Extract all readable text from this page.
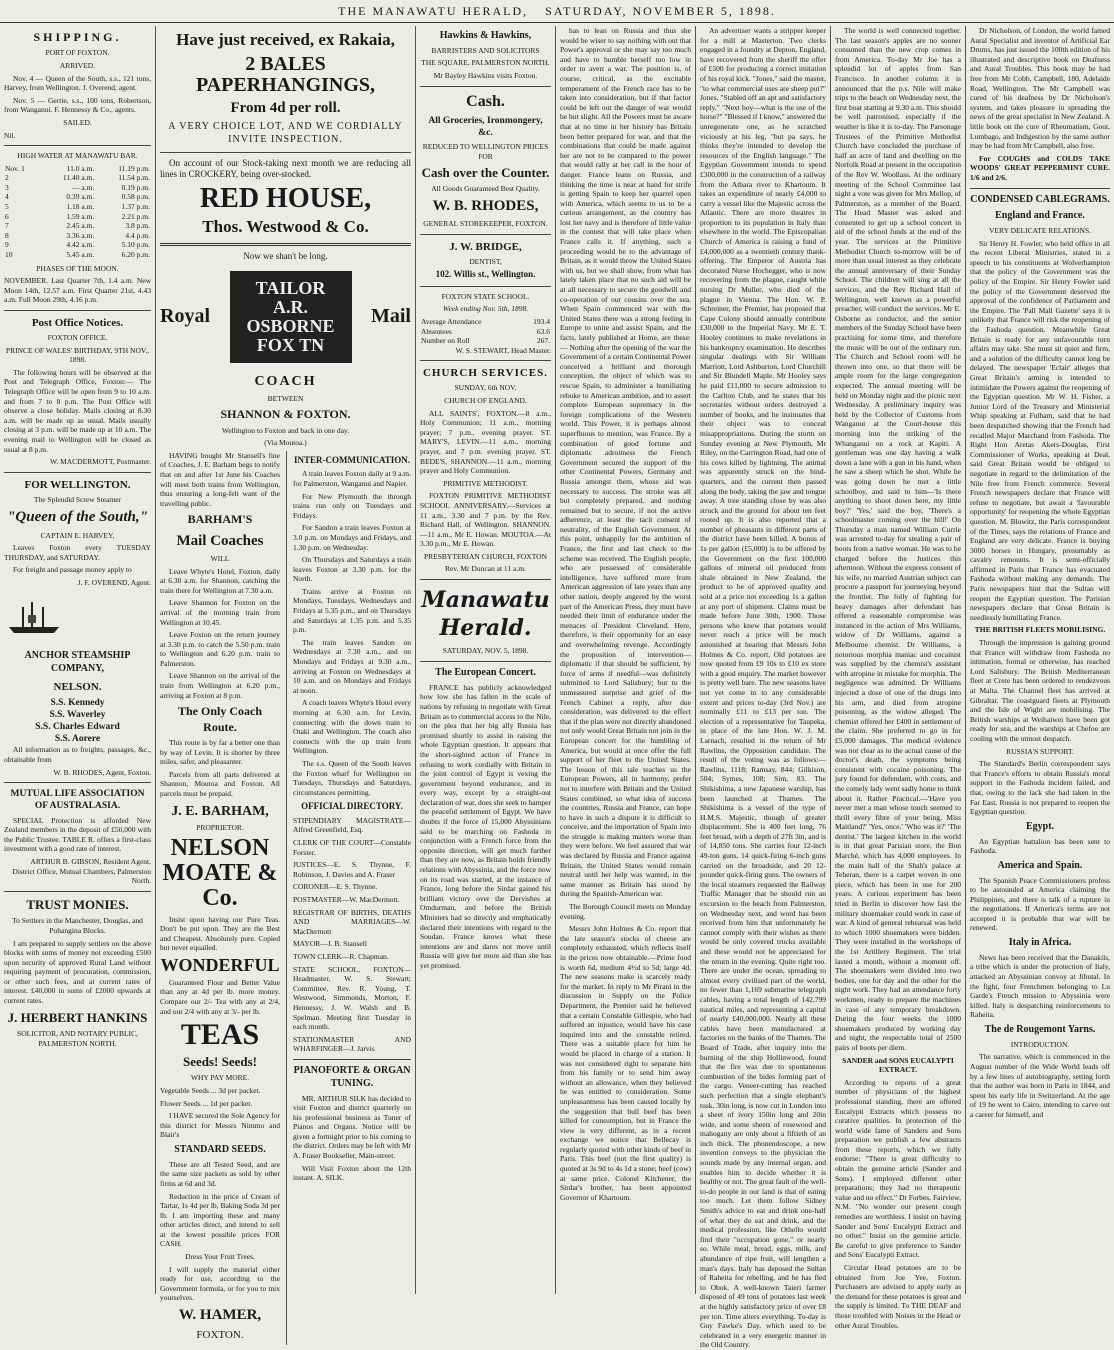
THE MANAWATU HERALD, SATURDAY, NOVEMBER 5, 1898.
SHIPPING.

PORT OF FOXTON.

ARRIVED.

Nov. 4 — Queen of the South, s.s., 121 tons, Harvey, from Wellington. J. Overend, agent.

Nov. 5 — Gertie, s.s., 100 tons, Robertson, from Wanganui. F. Hennessy & Co., agents.

SAILED.

Nil.

HIGH WATER AT MANAWATU BAR.

Nov. 1	11.0 a.m.	11.19 p.m.
2	11.40 a.m.	11.54 p.m.
3	— a.m.	0.19 p.m.
4	0.39 a.m.	0.58 p.m.
5	1.18 a.m.	1.37 p.m.
6	1.59 a.m.	2.21 p.m.
7	2.45 a.m.	3.8 p.m.
8	3.36 a.m.	4.4 p.m.
9	4.42 a.m.	5.10 p.m.
10	5.45 a.m.	6.20 p.m.

PHASES OF THE MOON.

NOVEMBER. Last Quarter 7th, 1.4 a.m. New Moon 14th, 12.57 a.m. First Quarter 21st, 4.43 a.m. Full Moon 29th, 4.16 p.m.

Post Office Notices.

FOXTON OFFICE.

PRINCE OF WALES' BIRTHDAY, 9TH NOV., 1898.

The following hours will be observed at the Post and Telegraph Office, Foxton:— The Telegraph Office will be open from 9 to 10 a.m. and from 7 to 8 p.m. The Post Office will observe a close holiday. Mails closing at 8.30 a.m. will be made up as usual. Mails usually closing at 3 p.m. will be made up at 10 a.m. The evening mail to Wellington will be closed as usual at 8 p.m.

W. MACDERMOTT, Postmaster.

FOR WELLINGTON.

The Splendid Screw Steamer

"Queen of the South,"

CAPTAIN E. HARVEY,

Leaves Foxton every TUESDAY THURSDAY, and SATURDAY.

For freight and passage money apply to

J. F. OVEREND, Agent.

ANCHOR STEAMSHIP COMPANY,
NELSON.
S.S. Kennedy
S.S. Waverley
S.S. Charles Edward
S.S. Aorere

All information as to freights, passages, &c., obtainable from

W. B. RHODES, Agent, Foxton.

MUTUAL LIFE ASSOCIATION OF AUSTRALASIA.

SPECIAL Protection is afforded New Zealand members in the deposit of £50,000 with the Public Trustee. TABLE R. offers a first-class investment with a good rate of interest.

ARTHUR B. GIBSON, Resident Agent. District Office, Mutual Chambers, Palmerston North.

TRUST MONIES.

To Settlers in the Manchester, Douglas, and Pohangina Blocks.

I am prepared to supply settlers on the above blocks with sums of money not exceeding £500 upon security of approved Rural Land without requiring payment of procuration, commission, or other such fees, and at current rates of interest. £40,000 in sums of £2000 upwards at current rates.

J. HERBERT HANKINS

SOLICITOR, AND NOTARY PUBLIC, PALMERSTON NORTH.

Have just received, ex Rakaia,
2 BALES PAPERHANGINGS,
From 4d per roll.

A VERY CHOICE LOT, AND WE CORDIALLY INVITE INSPECTION.

On account of our Stock-taking next month we are reducing all lines in CROCKERY, being over-stocked.

RED HOUSE,
Thos. Westwood & Co.

Now we shan't be long.

Royal
TAILOR
A.R. OSBORNE
FOX TN
Mail
COACH

BETWEEN

SHANNON & FOXTON.

Wellington to Foxton and back in one day.

(Via Moutoa.)

HAVING bought Mr Stansell's line of Coaches, J. E. Barham begs to notify that on and after 1st June his Coaches will meet both trains from Wellington, thus ensuring a long-felt want of the travelling public.

BARHAM'S
Mail Coaches

WILL

Leave Whyte's Hotel, Foxton, daily at 6.30 a.m. for Shannon, catching the train there for Wellington at 7.30 a.m.

Leave Shannon for Foxton on the arrival of the morning train from Wellington at 10.45.

Leave Foxton on the return journey at 3.30 p.m. to catch the 5.50 p.m. train to Wellington and 6.20 p.m. train to Palmerston.

Leave Shannon on the arrival of the train from Wellington at 6.20 p.m., arriving at Foxton at 8 p.m.

The Only Coach Route.

This route is by far a better one than by way of Levin. It is shorter by three miles, safer, and pleasanter.

Parcels from all parts delivered at Shannon, Moutoa and Foxton. All parcels must be prepaid.

J. E. BARHAM,

PROPRIETOR.

NELSON MOATE & Co.

Insist upon having our Pure Teas. Don't be put upon. They are the Best and Cheapest. Absolutely pure. Copied but never equalled.

WONDERFUL

Guaranteed Flour and Better Value than any at 4d per lb. more money. Compare our 2/- Tea with any at 2/4, and our 2/4 with any at 3/- per lb.

TEAS
Seeds! Seeds!

WHY PAY MORE.

Vegetable Seeds ... 3d per packet.

Flower Seeds ... 1d per packet.

I HAVE secured the Sole Agency for this district for Messrs Nimmo and Blair's

STANDARD SEEDS.

These are all Tested Seed, and are the same size packets as sold by other firms at 6d and 3d.

Reduction in the price of Cream of Tartar, 1s 4d per lb, Baking Soda 3d per lb. I am importing these and many other articles direct, and intend to sell at the lowest possible prices FOR CASH.

Dress Your Fruit Trees.

I will supply the material either ready for use, according to the Government formula, or for you to mix yourselves.

W. HAMER,

FOXTON.

INTER-COMMUNICATION.

A train leaves Foxton daily at 9 a.m. for Palmerston, Wanganui and Napier.

For New Plymouth the through trains run only on Tuesdays and Fridays.

For Sandon a train leaves Foxton at 3.0 p.m. on Mondays and Fridays, and 1.30 p.m. on Wednesday.

On Thursdays and Saturdays a train leaves Foxton at 3.30 p.m. for the North.

Trains arrive at Foxton on Mondays, Tuesdays, Wednesdays and Fridays at 5.35 p.m., and on Thursdays and Saturdays at 1.35 p.m. and 5.35 p.m.

The train leaves Sandon on Wednesdays at 7.30 a.m., and on Mondays and Fridays at 9.30 a.m., arriving at Foxton on Wednesdays at 10 a.m. and on Mondays and Fridays at noon.

A coach leaves Whyte's Hotel every morning at 6.30 a.m. for Levin, connecting with the down train to Otaki and Wellington. The coach also connects with the up train from Wellington.

The s.s. Queen of the South leaves the Foxton wharf for Wellington on Tuesdays, Thursdays and Saturdays, circumstances permitting.

OFFICIAL DIRECTORY.

STIPENDIARY MAGISTRATE—Alfred Greenfield, Esq.

CLERK OF THE COURT—Constable Forster.

JUSTICES—E. S. Thynne, F. Robinson, J. Davies and A. Fraser

CORONER—E. S. Thynne.

POSTMASTER—W. MacDermott.

REGISTRAR OF BIRTHS, DEATHS AND MARRIAGES—W. MacDermott

MAYOR—J. B. Stansell

TOWN CLERK—R. Chapman.

STATE SCHOOL, FOXTON—Headmaster, W. S. Stewart; Committee, Rev. R. Young, T. Westwood, Simmonds, Morton, F. Hennessy, J. W. Walsh and B. Spelman. Meeting first Tuesday in each month.

STATIONMASTER AND WHARFINGER—J. Jarvis

PIANOFORTE & ORGAN TUNING.

MR. ARTHUR SILK has decided to visit Foxton and district quarterly on his professional business as Tuner of Pianos and Organs. Notice will be given a fortnight prior to his coming to the district. Orders may be left with Mr A. Fraser Bookseller, Main-street.

Will Visit Foxton about the 12th instant. A. SILK.

Hawkins & Hawkins,

BARRISTERS AND SOLICITORS

THE SQUARE, PALMERSTON NORTH.

Mr Bayley Hawkins visits Foxton.

Cash.

All Groceries, Ironmongery, &c.

REDUCED TO WELLINGTON PRICES FOR

Cash over the Counter.

All Goods Guaranteed Best Quality.

W. B. RHODES,

GENERAL STOREKEEPER, FOXTON.

J. W. BRIDGE,

DENTIST,

102. Willis st., Wellington.

FOXTON STATE SCHOOL.

Week ending Nov. 5th, 1898.

Average Attendance	193.4
Absentees	63.6
Number on Roll	267.

W. S. STEWART, Head Master.

CHURCH SERVICES.

SUNDAY, 6th NOV.

CHURCH OF ENGLAND.

ALL SAINTS', FOXTON.—8 a.m., Holy Communion; 11 a.m., morning prayer; 7 p.m., evening prayer. ST. MARY'S, LEVIN.—11 a.m., morning prayer, and 7 p.m. evening prayer. ST. BEDE'S, SHANNON.—11 a.m., morning prayer and Holy Communion.

PRIMITIVE METHODIST.

FOXTON PRIMITIVE METHODIST SCHOOL ANNIVERSARY.—Services at 11 a.m., 3.30 and 7 p.m. by the Rev. Richard Hall, of Wellington. SHANNON.—11 a.m., Mr E. Howan. MOUTOA.—At 3.30 p.m., Mr E. Howan.

PRESBYTERIAN CHURCH, FOXTON

Rev. Mr Duncan at 11 a.m.

Manawatu Herald.

SATURDAY, NOV. 5, 1898.

The European Concert.

FRANCE has publicly acknowledged how low she has fallen in the scale of nations by refusing to negotiate with Great Britain as to commercial access to the Nile, on the plea that her big ally Russia has promised shortly to assist in raising the whole Egyptian question. It appears that the short-sighted action of France in refusing to work cordially with Britain in the joint control of Egypt is vexing the government beyond endurance, and in every way, except by a straight-out declaration of war, does she seek to hamper the peaceful settlement of Egypt. We have doubts if the force of 15,000 Abyssinians said to be marching on Fashoda in conjunction with a French force from the opposite direction, will get much further than they are now, as Britain holds friendly relations with Abyssinia, and the force now on its road was started, at the instance of France, long before the Sirdar gained his brilliant victory over the Dervishes at Omdurman, and before the British Ministers had so directly and emphatically declared their intentions with regard to the Soudan. France knows what these intentions are and dares not move until Russia will give her more aid than she has yet promised.

has to lean on Russia and thus she would be wiser to say nothing with out that Power's approval or she may say too much and have to humble herself too low in order to avert a war. The position is, of course, critical, as the excitable temperament of the French race has to be taken into consideration, but if that factor could be left out the danger of war would be but slight. All the Powers must be aware that at no time in her history has Britain been better prepared for war, and that the combinations that could be made against her are not to be compared to the power that would rally at her call in the hour of danger. France leans on Russia, and thinking the time is near at hand for strife is getting Spain to keep her quarrel open with America, which seems to us to be a curious arrangement, as the country has lost her navy and is therefore of little value in the contest that will take place when France calls it. If anything, such a proceeding would be to the advantage of Britain, as it would throw the United States with us, but we shall show, from what has lately taken place that no such aid will be at all necessary to secure the goodwill and co-operation of our cousins over the sea. When Spain commenced war with the United States there was a strong feeling in Europe to unite and assist Spain, and the facts, lately published at Home, are these:— Nothing after the opening of the war the Government of a certain Continental Power conceived a brilliant and thorough conception, the object of which was to rescue Spain, to administer a humiliating rebuke to American ambition, and to assert complete European supremacy in the foreign complications of the Western world. This Power, it is perhaps almost superfluous to mention, was France. By a combination of good fortune and diplomatic adroitness the French Government secured the support of the other Continental Powers, Germany and Russia amongst them, whose aid was necessary to success. The stroke was all but completely prepared, and nothing remained but to secure, if not the active adherence, at least the tacit consent of neutrality, of the English Government. At this point, unhappily for the ambition of France, the first and last check to the scheme was received. The English people, who are possessed of considerable intelligence, have suffered more from American aggression of late years than any other nation, deeply angered by the worst part of the American Press, they must have needed their limit of endurance under the menaces of President Cleveland. Here, therefore, is their opportunity for an easy and overwhelming revenge. Accordingly the proposition of intervention—diplomatic if that should be sufficient, by force of arms if needful—was definitely submitted to Lord Salisbury; but to the unmeasured surprise and grief of the French Cabinet a reply, after due consideration, was delivered to the effect that if the plan were not directly abandoned not only would Great Britain not join in the European concert for the humbling of America, but would at once offer the full support of her fleet to the United States. The lesson of this tale teaches us the European Powers, all in harmony, prefer not to interfere with Britain and the United States combined, so what idea of success the countries, Russia and France, can hope to have in such a dispute it is difficult to conceive, and the importation of Spain into the struggle is making matters worse than they were before. We feel assured that war was declared by Russia and France against Britain, the United States would remain neutral until her help was wanted, in the same manner as Britain has stood by during the Spanish-American war.

The Borough Council meets on Monday evening.

Messrs John Holmes & Co. report that the late season's stocks of cheese are completely exhausted, which reflects itself in the prices now obtainable.—Prime food is worth 6d, medium 4½d to 5d; large 4d. The new seasons make is scarcely ready for the market. In reply to Mr Pirani in the discussion in Supply on the Police Department, the Premier said he believed that a certain Constable Gillespie, who had suffered an injustice, would have his case inquired into and the constable retired. There was a suitable place for him he would be placed in charge of a station. It was not considered right to separate him from his family or to send him away without an allowance, when they believed he was entitled to consideration. Some unpleasantness has been caused locally by the suggestion that bull beef has been killed for consumption, but in France the view is very different, as in a recent exchange we notice that Bellecay is regularly quoted with other kinds of beef in Paris. This beef (not the first quality) is quoted at 3s 9d to 4s 1d a stone; beef (cow) at same price. Colonel Kitchener, the Sirdar's brother, has been appointed Governor of Khartoum.

An advertiser wants a stripper keeper for a mill at Masterton. Two clerks engaged in a foundry at Depton, England, have recovered from the sheriff the offer of £500 for producing a correct imitation of his royal kick. "Jones," said the master, "to what commercial uses are sheep put?" Jones, "Stabled off an apt and satisfactory reply." "Next boy—what is the use of the horse?" "Blessed if I know," answered the unregenerate one, as he scratched viciously at his leg, "but pa says, he thinks they're intended to develop the resources of the English language." The Egyptian Government intends to spend £300,000 in the construction of a railway from the Atbara river to Khartoum. It takes an expenditure of nearly £4,000 to carry a vessel like the Majestic across the Atlantic. There are more theatres in proportion to its population in Italy than elsewhere in the world. The Episcopalian Church of America is raising a fund of £4,000,000 as a twentieth century thank-offering. The Emperor of Austria has decorated Nurse Hochegger, who is now recovering from the plague, caught while nursing Dr Muller, who died of the plague in Vienna. The Hon. W. P. Schreiner, the Premier, has proposed that Cape Colony should annually contribute £30,000 to the Imperial Navy. Mr E. T. Hooley continues to make revelations in his bankruptcy examination. He describes singular dealings with Sir William Marriott, Lord Ashburton, Lord Churchill and Sir Blundell Maple. Mr Hooley says he paid £11,000 to secure admission to the Carlton Club, and he states that his secretaries without orders destroyed a number of books, and he insinuates that their object was to conceal misappropriations. During the storm on Sunday evening at New Plymouth, Mr Riley, on the Carrington Road, had one of his cows killed by lightning. The animal was apparently struck on the hind-quarters, and the current then passed along the body, taking the jaw and tongue away. A tree standing close by was also struck and the ground for about ten feet rooted up. It is also reported that a number of pheasants in different parts of the district have been killed. A bonus of 1s per gallon (£5,000) is to be offered by the Government on the first 100,000 gallons of mineral oil produced from shale obtained in New Zealand, the product to be of approved quality and sold at a price not exceeding 1s a gallon at any port of shipment. Claims must be made before June 30th, 1900. Those persons who knew that potatoes would never reach a price will be much astonished at hearing that Messrs John Holmes & Co. report, Old potatoes are now quoted from £9 10s to £10 ex store with a good enquiry. The market however is pretty well bare. The new seasons have not yet come in to any considerable extent and prices to-day (3rd Nov.) are nominally £11 to £13 per ton. The election of a representative for Taupeka, in place of the late Hon. W. J. M. Larnach, resulted in the return of Mr Rawlins, the Opposition candidate. The result of the voting was as follows:—Rawlins, 1118; Ramsay, 844; Gilkison, 504; Symes, 108; Sim, 83. The Shikishima, a new Japanese warship, has been launched at Thames. The Shikishima is a vessel of the type of H.M.S. Majestic, though of greater displacement. She is 400 feet long, 76 feet broad, with a depth of 27ft 3in, and is of 14,850 tons. She carries four 12-inch 49-ton guns, 14 quick-firing 6-inch guns carried on the broadside, and 20 12-pounder quick-firing guns. The owners of the local steamers requested the Railway Traffic Manager that he should run an excursion to the beach from Palmerston, on Wednesday next, and word has been received from him that unfortunately he cannot comply with their wishes as there would be only covered trucks available and these would not be appreciated for the return in the evening. Quite right too. There are under the ocean, spreading to almost every civilised part of the world, no fewer than 1,169 submarine telegraph cables, having a total length of 142,799 nautical miles, and representing a capital of nearly £40,000,000. Nearly all these cables have been manufactured at factories on the banks of the Thames. The Board of Trade, after inquiry into the burning of the ship Hollinwood, found that the fire was due to spontaneous combustion of the bides forming part of the cargo. Veneer-cutting has reached such perfection that a single elephant's tusk, 30in long, is now cut in London into a sheet of ivory 150in long and 20in wide, and some sheets of rosewood and mahogany are only about a fiftieth of an inch thick. The phonendoscope, a new invention conveys to the physician the sounds made by any internal organ, and enables him to decide whether it is healthy or not. The great fault of the well-to-do people in our land is that of eating too much. Let them follow Sidney Smith's advice to eat and drink one-half of what they do eat and drink, and the medical profession, like Othello would find their "occupation gone," or nearly so. While meal, bread, eggs, milk, and abundance of ripe fruit, will lengthen a man's days. Italy has deposed the Sultan of Raheita for rebelling, and he has fled to Obok. A well-known Taieri farmer disposed of 49 tons of potatoes last week at the highly satisfactory price of over £8 per ton. Time alters everything. To-day is Guy Fawke's Day, which used to be celebrated in a very energetic manner in the Old Country.

The world is well connected together. The last season's apples are no sooner consumed than the new crop comes in from America. To-day Mr Joe has a splendid lot of apples from San Francisco. In another column it is announced that the p.s. Nile will make trips to the beach on Wednesday next, the first boat starting at 9.30 a.m. This should be well patronised, especially if the weather is like it is to-day. The Parsonage Trustees of the Primitive Methodist Church have concluded the purchase of half an acre of land and dwelling on the Norfolk Road at present in the occupation of the Rev W. Woollass. At the ordinary meeting of the School Committee last night a vote was given for Mrs Mellop, of Palmerston, as a member of the Board. The Head Master was asked and consented to get up a school concert in aid of the school funds at the end of the year. The services at the Primitive Methodist Church to-morrow will be of more than usual interest as they celebrate the annual anniversary of their Sunday School. The children will sing at all the services, and the Rev Richard Hall of Wellington, well known as a powerful preacher, will conduct the services. Mr E. Osborne as conductor, and the senior members of the Sunday School have been practising for some time, and therefore the music will be out of the ordinary run. The Church and School room will be thrown into one, so that there will be ample room for the large congregation expected. The annual meeting will be held on Monday night and the picnic next Wednesday. A preliminary inquiry was held by the Collector of Customs from Wanganui at the Court-house this morning into the striking of the Whanganui on a rock at Kapiti. A gentleman was one day having a walk down a lane with a gun in his hand, when he saw a sheep which he shot. While he was going down he met a little schoolboy, and said to him—'Is there anything to shoot down here, my little boy?' 'Yes,' said the boy, 'There's a schoolmaster coming over the hill!' On Thursday a man named William Currie was arrested to-day for stealing a pair of boots from a native woman. He was to be charged before the Justices this afternoon. Without the express consent of his wife, no married Austrian subject can procure a passport for journeying beyond the frontier. The folly of fighting for heavy damages after defendant has offered a reasonable compromise was instanced in the action of Mrs Williams, widow of Dr Williams, against a Melbourne chemist. Dr Williams, a notorious morphia maniac and cocainist was supplied by the chemist's assistant with atropine in mistake for morphia. The negligence was admitted. Dr Williams injected a dose of one of the drugs into his arm, and died from atropine poisoning, as the widow alleged. The chemist offered her £400 in settlement of the claim. She preferred to go in for £5,000 damages. The medical evidence was not clear as to the actual cause of the doctor's death, the symptoms being consistent with cocaine poisoning. The jury found for defendant, with costs, and the comely lady went sadly home to think about it. Rather Practical.—'Have you never met a man whose touch seemed to thrill every fibre of your being, Miss Maitland?' 'Yes, once.' 'Who was it?' 'The dentist.' The largest kitchen in the world is in that great Parisian store, the Bon Marché, which has 4,000 employees. In the main hall of the Shah's palace at Teheran, there is a carpet woven in one piece, which has been in use for 200 years. A curious experiment has been tried in Berlin to discover how fast the military shoemaker could work in case of war. A kind of general rehearsal was held to which 1000 shoemakers were bidden. They were installed in the workshops of the 1st Artillery Regiment. The trial lasted a month, without a moment off. The shoemakers were divided into two bodies, one for day and the other for the night work. They had an attendance forty workmen, ready to prepare the machines in case of any temporary breakdown. During the four weeks the 1000 shoemakers produced by working day and night, the respectable total of 2500 pairs of boots per diem.

SANDER and SONS EUCALYPTI EXTRACT.

According to reports of a great number of physicians of the highest professional standing, there are offered Eucalypti Extracts which possess no curative qualities. In protection of the world wide fame of Sanders and Sons preparation we publish a few abstracts from these reports, which we fully endorse: "There is great difficulty to obtain the genuine article (Sander and Sons). I employed different other preparations; they had no therapeutic value and no effect." Dr Forbes, Fairview, N.M. "No wonder our present cough remedies are worthless. I insist on having Sander and Sons' Eucalypti Extract and no other." Insist on the genuine article. Be careful to give preference to Sander and Sons' Eucalypti Extract.

Circular Head potatoes are to be obtained from Joe Yee, Foxton. Purchasers are advised to apply early as the demand for these potatoes is great and the supply is limited. To THE DEAF and those troubled with Noises in the Head or other Aural Troubles.

Dr Nicholson, of London, the world famed Aural Specialist and inventor of Artificial Ear Drums, has just issued the 100th edition of his illustrated and descriptive book on Deafness and Aural Troubles. This book may be had free from Mr Cobb, Campbell, 180, Adelaide Road, Wellington. The Mr Campbell was cured of his deafness by Dr Nicholson's system, and takes pleasure in spreading the news of the great specialist in New Zealand. A little book on the cure of Rheumatism, Gout, Lumbago, and Indigestion by the same author may be had from Mr Campbell, also free.

For COUGHS and COLDS TAKE WOODS' GREAT PEPPERMINT CURE. 1/6 and 2/6.

CONDENSED CABLEGRAMS.
England and France.

VERY DELICATE RELATIONS.

Sir Henry H. Fowler, who held office in all the recent Liberal Ministries, stated in a speech to his constituents at Wolverhampton that the policy of the Government was the policy of the Empire. Sir Henry Fowler said the policy of the Government deserved the approval of the confidence of Parliament and the Empire. The 'Pall Mall Gazette' says it is unlikely that France will risk the reopening of the Fashoda question. Meanwhile Great Britain is ready for any unfavourable turn affairs may take. She must sit quiet and firm, and a solution of the difficulty cannot long be delayed. The newspaper 'Eclair' alleges that Great Britain's arming is intended to intimidate the Powers against the reopening of the Egyptian question. Mr W. H. Fisher, a Junior Lord of the Treasury and Ministerial Whip speaking at Fulham, said that he had been despatched showing that the French had recalled Major Marchand from Fashoda. The Right Hon Aretas Akers-Douglas, First Commissioner of Works, speaking at Deal, said Great Britain would be obliged to negotiate in regard to the delimitation of the Nile free from French commerce. Several French newspapers declare that France will refuse to negotiate, but await a 'favourable opportunity' for reopening the whole Egyptian question. M. Blowitz, the Paris correspondent of the Times, says the relations of France and England are very delicate. France is buying 3000 horses in Hungary, presumably as cavalry remounts. It is semi-officially affirmed in Paris that France has evacuated Fashoda without making any demands. The Paris newspapers hint that the Sultan will reopen the Egyptian question. The Parisian newspapers declare that Great Britain is needlessly humiliating France.

THE BRITISH FLEETS MOBILISING.

Through the impression is gaining ground that France will withdraw from Fashoda no intimation, formal or otherwise, has reached Lord Salisbury. The British Mediterranean fleet at Crete has been ordered to rendezvous at Malta. The Channel fleet has arrived at Gibraltar. The coastguard fleets at Plymouth and the Isle of Wight are mobilising. The British warships at Weihaiwei have been got ready for sea, and the warships at Chefoo are cooling with the utmost despatch.

RUSSIA'S SUPPORT.

The Standard's Berlin correspondent says that France's efforts to obtain Russia's moral support in the Fashoda incident failed, and that, owing to the lack she had taken in the Far East, Russia is not prepared to reopen the Egyptian question.

Egypt.

An Egyptian battalion has been sent to Fashoda.

America and Spain.

The Spanish Peace Commissioners profess to be astounded at America claiming the Philippines, and there is talk of a rupture in the negotiations. If America's terms are not accepted it is probable that war will be renewed.

Italy in Africa.

News has been received that the Danakils, a tribe which is under the protection of Italy, attacked an Abyssinian convoy at Jibutal. In the fight, four Frenchmen belonging to Lu Garde's French mission to Abyssinia were killed. Italy is despatching reinforcements to Raheita.

The de Rougemont Yarns.

INTRODUCTION.

The narrative, which is commenced in the August number of the Wide World leads off by a few lines of autobiography, setting forth that the author was born in Paris in 1844, and spent his early life in Switzerland. At the age of 19 he went to Cairo, intending to carve out a career for himself, and
